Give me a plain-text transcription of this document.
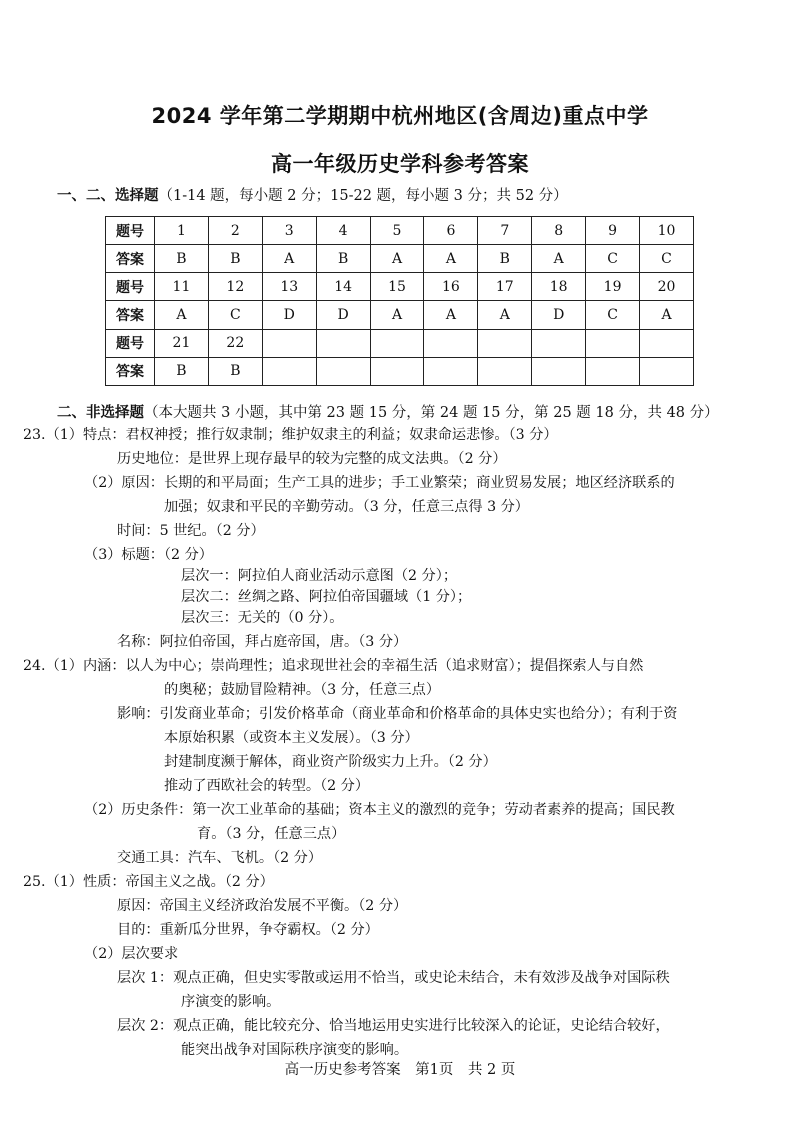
2024 学年第二学期期中杭州地区(含周边)重点中学
高一年级历史学科参考答案
一、二、选择题（1-14 题，每小题 2 分；15-22 题，每小题 3 分；共 52 分）
题号	1	2	3	4	5	6	7	8	9	10
答案	B	B	A	B	A	A	B	A	C	C
题号	11	12	13	14	15	16	17	18	19	20
答案	A	C	D	D	A	A	A	D	C	A
题号	21	22								
答案	B	B								
二、非选择题（本大题共 3 小题，其中第 23 题 15 分，第 24 题 15 分，第 25 题 18 分，共 48 分）
23.（1）特点：君权神授；推行奴隶制；维护奴隶主的利益；奴隶命运悲惨。（3 分）
历史地位：是世界上现存最早的较为完整的成文法典。（2 分）
（2）原因：长期的和平局面；生产工具的进步；手工业繁荣；商业贸易发展；地区经济联系的
加强；奴隶和平民的辛勤劳动。（3 分，任意三点得 3 分）
时间：5 世纪。（2 分）
（3）标题：（2 分）
层次一：阿拉伯人商业活动示意图（2 分）；
层次二：丝绸之路、阿拉伯帝国疆域（1 分）；
层次三：无关的（0 分）。
名称：阿拉伯帝国，拜占庭帝国，唐。（3 分）
24.（1）内涵：以人为中心；崇尚理性；追求现世社会的幸福生活（追求财富）；提倡探索人与自然
的奥秘；鼓励冒险精神。（3 分，任意三点）
影响：引发商业革命；引发价格革命（商业革命和价格革命的具体史实也给分）；有利于资
本原始积累（或资本主义发展）。（3 分）
封建制度濒于解体，商业资产阶级实力上升。（2 分）
推动了西欧社会的转型。（2 分）
（2）历史条件：第一次工业革命的基础；资本主义的激烈的竞争；劳动者素养的提高；国民教
育。（3 分，任意三点）
交通工具：汽车、飞机。（2 分）
25.（1）性质：帝国主义之战。（2 分）
原因：帝国主义经济政治发展不平衡。（2 分）
目的：重新瓜分世界，争夺霸权。（2 分）
（2）层次要求
层次 1：观点正确，但史实零散或运用不恰当，或史论未结合，未有效涉及战争对国际秩
序演变的影响。
层次 2：观点正确，能比较充分、恰当地运用史实进行比较深入的论证，史论结合较好，
能突出战争对国际秩序演变的影响。
高一历史参考答案　第1页　共 2 页
